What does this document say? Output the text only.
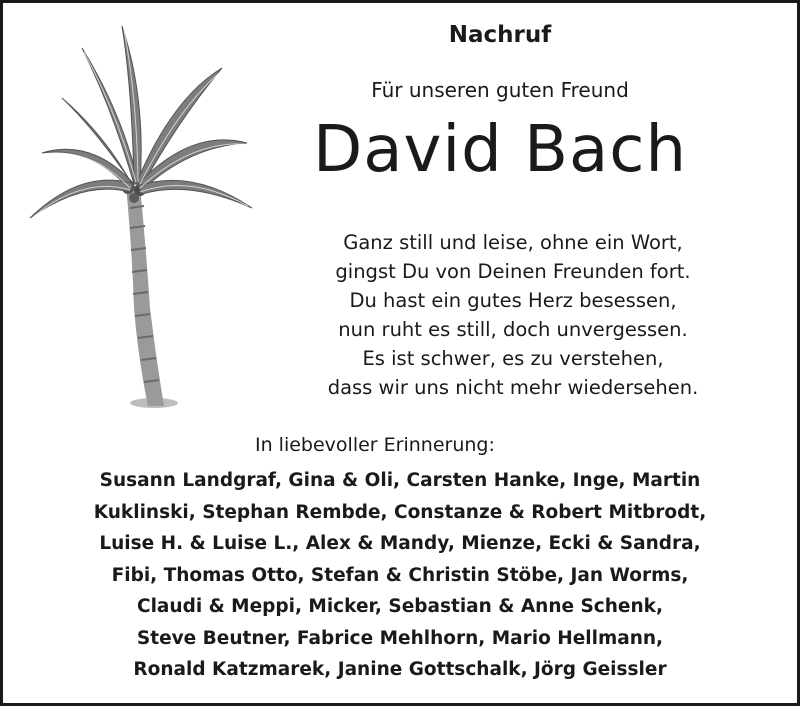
Nachruf
Für unseren guten Freund
David Bach
Ganz still und leise, ohne ein Wort,
gingst Du von Deinen Freunden fort.
Du hast ein gutes Herz besessen,
nun ruht es still, doch unvergessen.
Es ist schwer, es zu verstehen,
dass wir uns nicht mehr wiedersehen.
In liebevoller Erinnerung:
Susann Landgraf, Gina & Oli, Carsten Hanke, Inge, Martin
Kuklinski, Stephan Rembde, Constanze & Robert Mitbrodt,
Luise H. & Luise L., Alex & Mandy, Mienze, Ecki & Sandra,
Fibi, Thomas Otto, Stefan & Christin Stöbe, Jan Worms,
Claudi & Meppi, Micker, Sebastian & Anne Schenk,
Steve Beutner, Fabrice Mehlhorn, Mario Hellmann,
Ronald Katzmarek, Janine Gottschalk, Jörg Geissler
